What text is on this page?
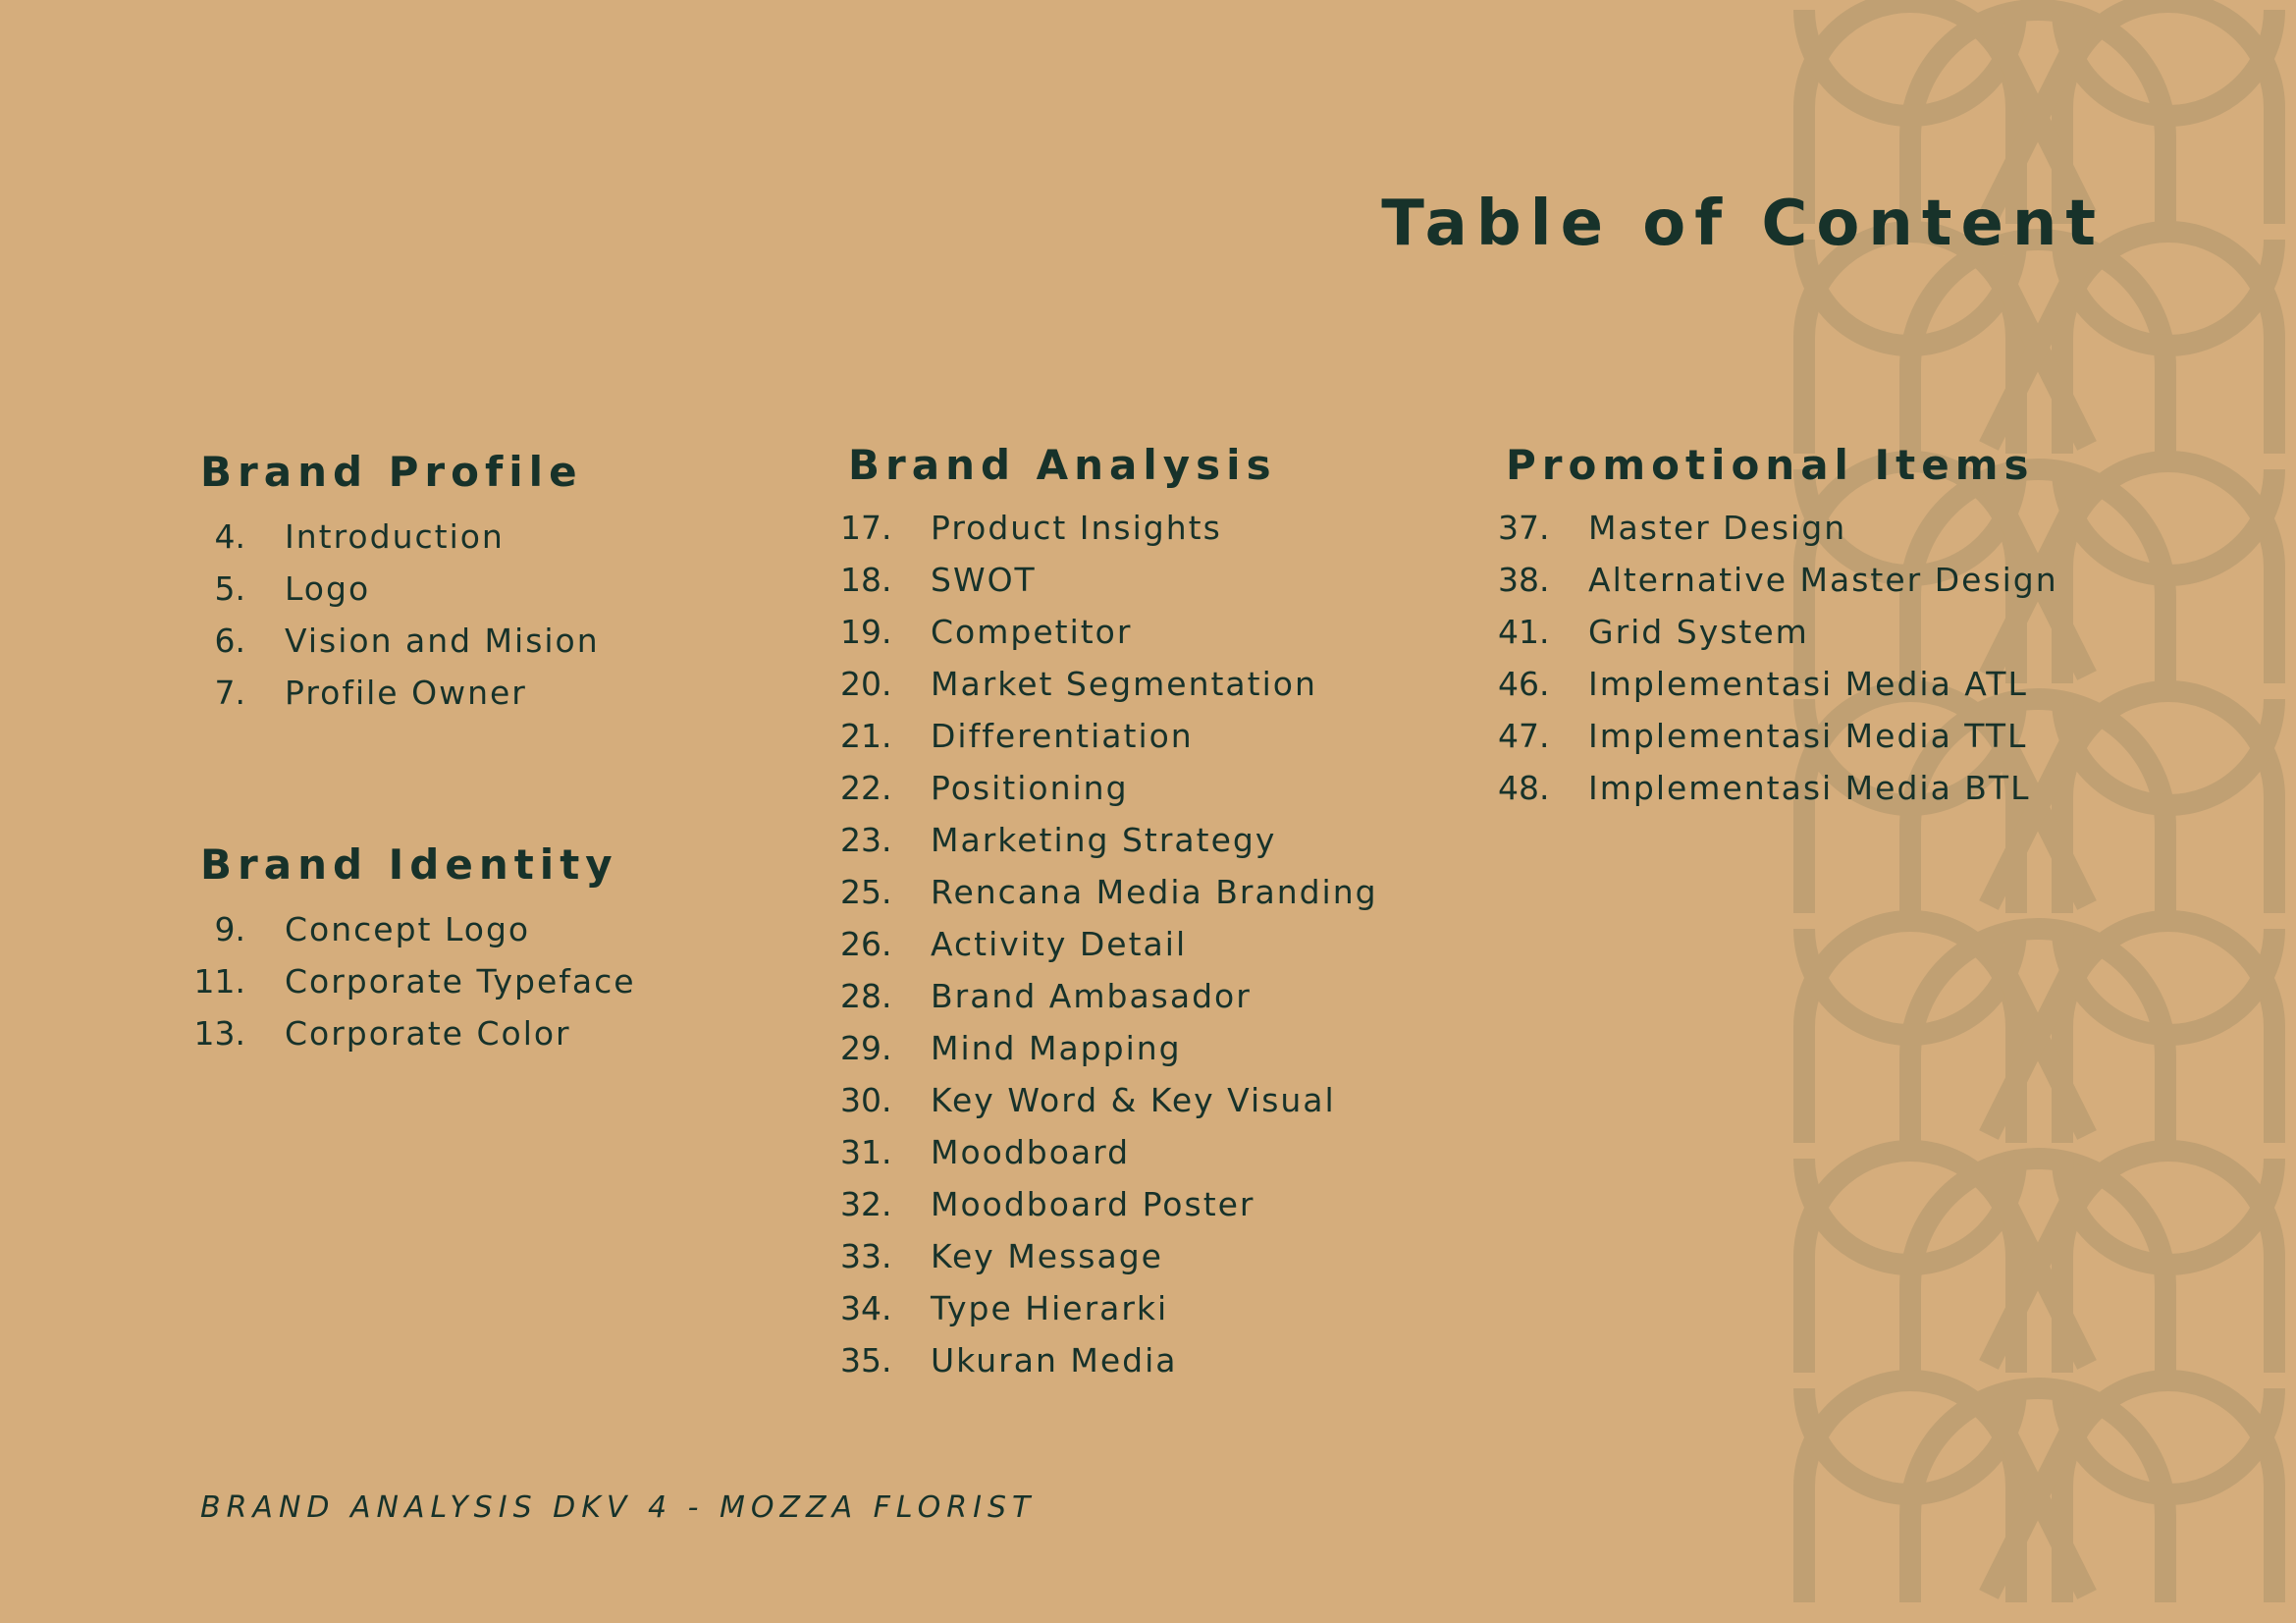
Table of Content
Brand Profile
4. Introduction
5. Logo
6. Vision and Mision
7. Profile Owner
Brand Identity
9. Concept Logo
11. Corporate Typeface
13. Corporate Color
Brand Analysis
17. Product Insights
18. SWOT
19. Competitor
20. Market Segmentation
21. Differentiation
22. Positioning
23. Marketing Strategy
25. Rencana Media Branding
26. Activity Detail
28. Brand Ambasador
29. Mind Mapping
30. Key Word & Key Visual
31. Moodboard
32. Moodboard Poster
33. Key Message
34. Type Hierarki
35. Ukuran Media
Promotional Items
37. Master Design
38. Alternative Master Design
41. Grid System
46. Implementasi Media ATL
47. Implementasi Media TTL
48. Implementasi Media BTL

BRAND ANALYSIS DKV 4 - MOZZA FLORIST
